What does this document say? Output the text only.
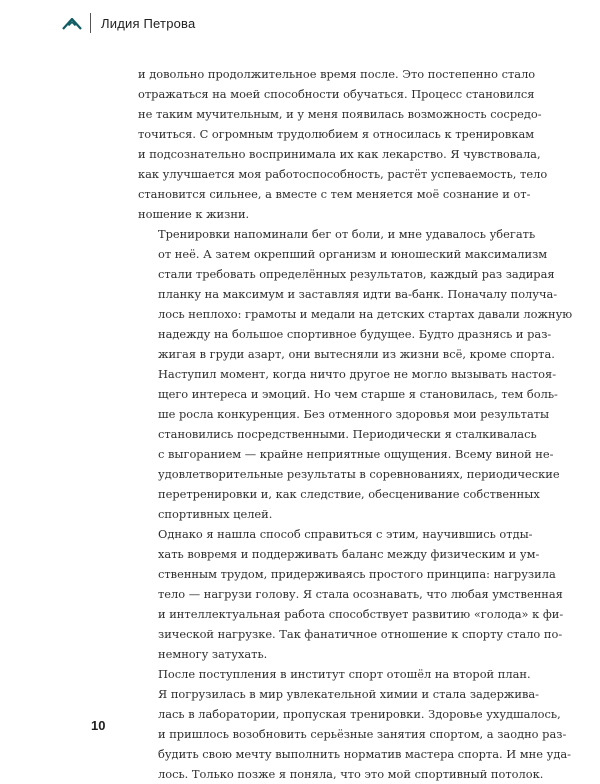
Лидия Петрова

и довольно продолжительное время после. Это постепенно стало
отражаться на моей способности обучаться. Процесс становился
не таким мучительным, и у меня появилась возможность сосредо-
точиться. С огромным трудолюбием я относилась к тренировкам
и подсознательно воспринимала их как лекарство. Я чувствовала,
как улучшается моя работоспособность, растёт успеваемость, тело
становится сильнее, а вместе с тем меняется моё сознание и от-
ношение к жизни.

Тренировки напоминали бег от боли, и мне удавалось убегать
от неё. А затем окрепший организм и юношеский максимализм
стали требовать определённых результатов, каждый раз задирая
планку на максимум и заставляя идти ва-банк. Поначалу получа-
лось неплохо: грамоты и медали на детских стартах давали ложную
надежду на большое спортивное будущее. Будто дразнясь и раз-
жигая в груди азарт, они вытесняли из жизни всё, кроме спорта.
Наступил момент, когда ничто другое не могло вызывать настоя-
щего интереса и эмоций. Но чем старше я становилась, тем боль-
ше росла конкуренция. Без отменного здоровья мои результаты
становились посредственными. Периодически я сталкивалась
с выгоранием — крайне неприятные ощущения. Всему виной не-
удовлетворительные результаты в соревнованиях, периодические
перетренировки и, как следствие, обесценивание собственных
спортивных целей.

Однако я нашла способ справиться с этим, научившись отды-
хать вовремя и поддерживать баланс между физическим и ум-
ственным трудом, придерживаясь простого принципа: нагрузила
тело — нагрузи голову. Я стала осознавать, что любая умственная
и интеллектуальная работа способствует развитию «голода» к фи-
зической нагрузке. Так фанатичное отношение к спорту стало по-
немногу затухать.

После поступления в институт спорт отошёл на второй план.
Я погрузилась в мир увлекательной химии и стала задержива-
лась в лаборатории, пропуская тренировки. Здоровье ухудшалось,
и пришлось возобновить серьёзные занятия спортом, а заодно раз-
будить свою мечту выполнить норматив мастера спорта. И мне уда-
лось. Только позже я поняла, что это мой спортивный потолок.

10
